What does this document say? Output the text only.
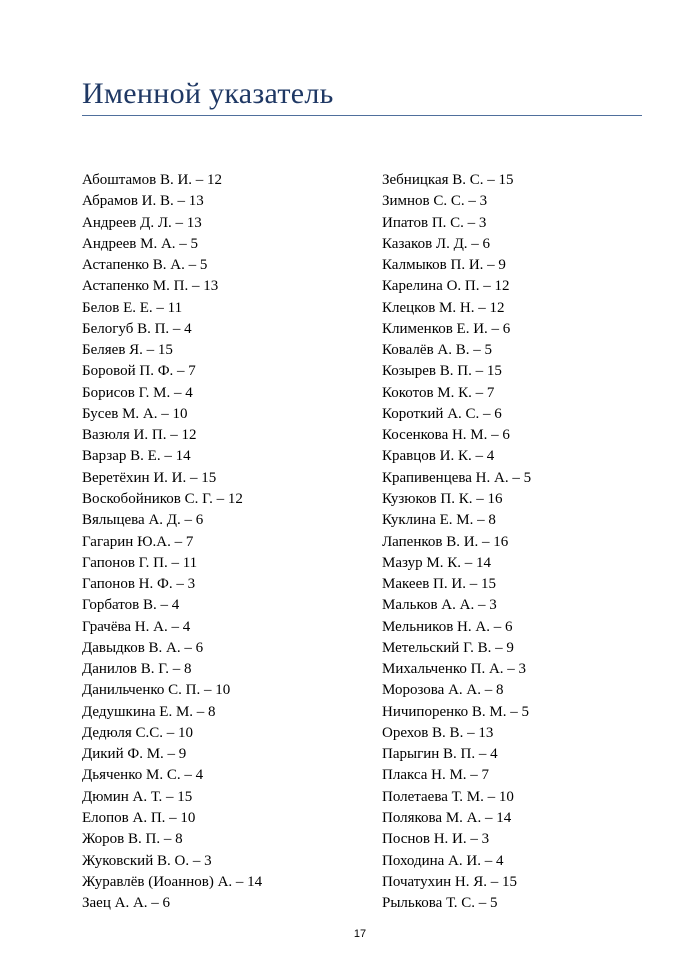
Именной указатель
Абоштамов В. И. – 12
Абрамов И. В. – 13
Андреев Д. Л. – 13
Андреев М. А. – 5
Астапенко В. А. – 5
Астапенко М. П. – 13
Белов Е. Е. – 11
Белогуб В. П. – 4
Беляев Я. – 15
Боровой П. Ф. – 7
Борисов Г. М. – 4
Бусев М. А. – 10
Вазюля И. П. – 12
Варзар В. Е. – 14
Веретёхин И. И. – 15
Воскобойников С. Г. – 12
Вялыцева А. Д. – 6
Гагарин Ю.А. – 7
Гапонов Г. П. – 11
Гапонов Н. Ф. – 3
Горбатов В. – 4
Грачёва Н. А. – 4
Давыдков В. А. – 6
Данилов В. Г. – 8
Данильченко С. П. – 10
Дедушкина Е. М. – 8
Дедюля С.С. – 10
Дикий Ф. М. – 9
Дьяченко М. С. – 4
Дюмин А. Т. – 15
Елопов А. П. – 10
Жоров В. П. – 8
Жуковский В. О. – 3
Журавлёв (Иоаннов) А. – 14
Заец А. А. – 6
Зебницкая В. С. – 15
Зимнов С. С. – 3
Ипатов П. С. – 3
Казаков Л. Д. – 6
Калмыков П. И. – 9
Карелина О. П. – 12
Клецков М. Н. – 12
Клименков Е. И. – 6
Ковалёв А. В. – 5
Козырев В. П. – 15
Кокотов М. К. – 7
Короткий А. С. – 6
Косенкова Н. М. – 6
Кравцов И. К. – 4
Крапивенцева Н. А. – 5
Кузюков П. К. – 16
Куклина Е. М. – 8
Лапенков В. И. – 16
Мазур М. К. – 14
Макеев П. И. – 15
Мальков А. А. – 3
Мельников Н. А. – 6
Метельский Г. В. – 9
Михальченко П. А. – 3
Морозова А. А. – 8
Ничипоренко В. М. – 5
Орехов В. В. – 13
Парыгин В. П. – 4
Плакса Н. М. – 7
Полетаева Т. М. – 10
Полякова М. А. – 14
Поснов Н. И. – 3
Походина А. И. – 4
Початухин Н. Я. – 15
Рылькова Т. С. – 5
17
